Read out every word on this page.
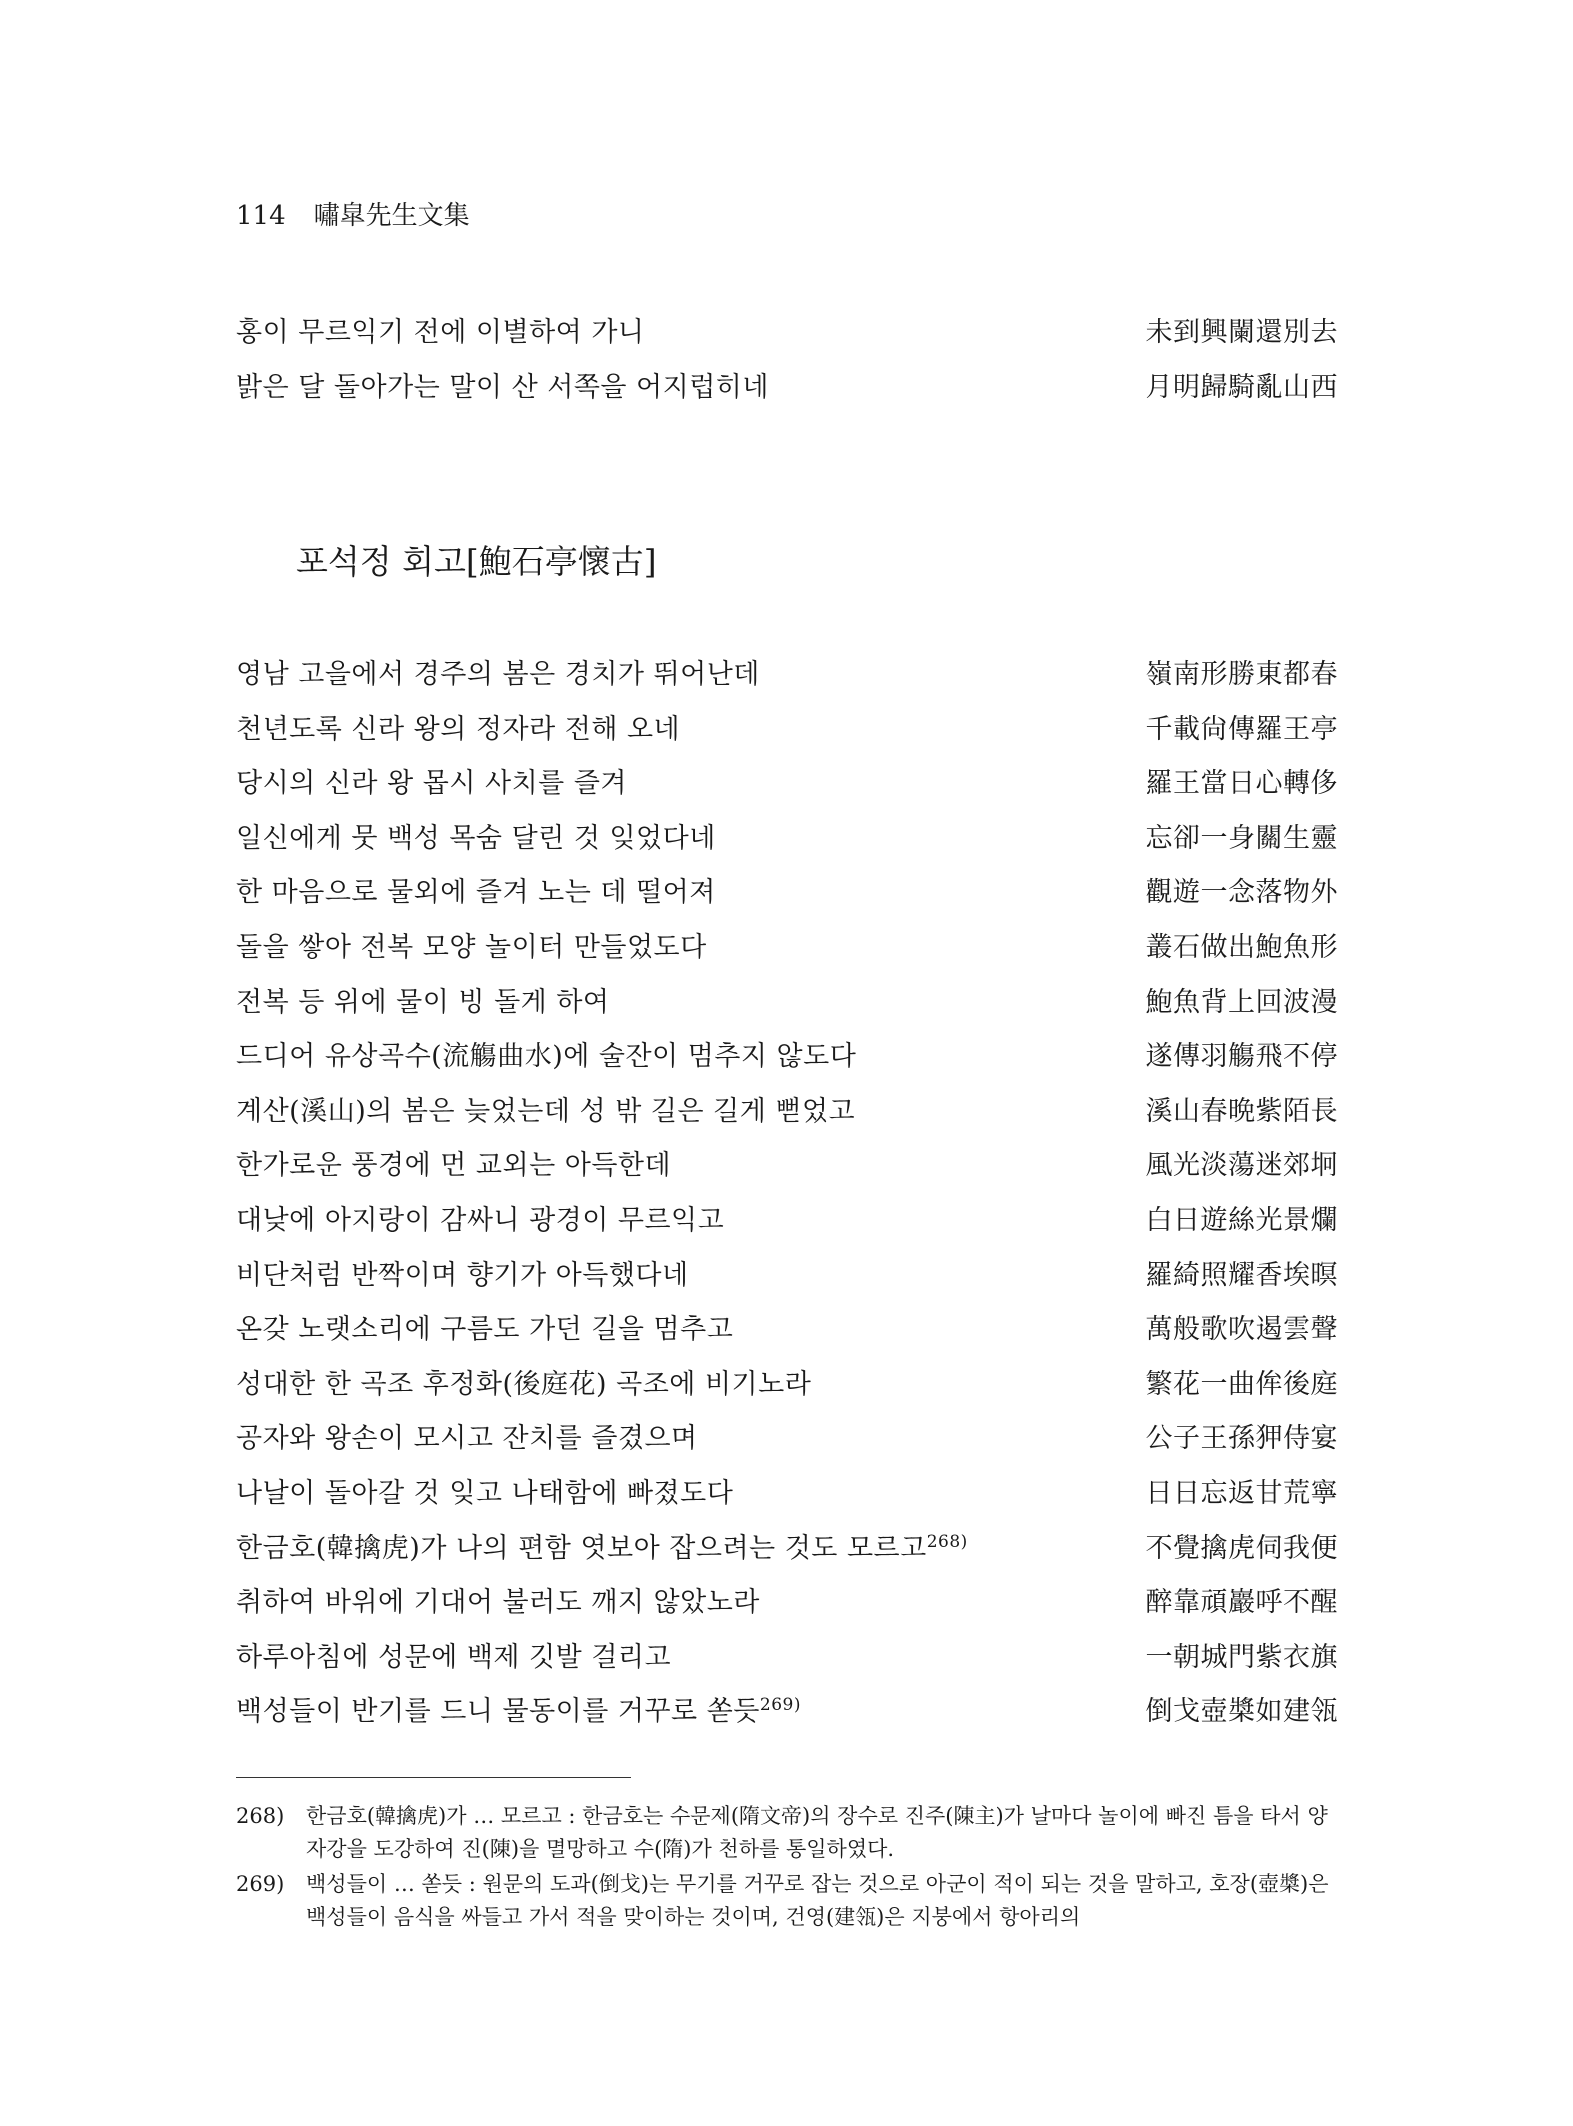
114 嘯皐先生文集
홍이 무르익기 전에 이별하여 가니	未到興闌還別去
밝은 달 돌아가는 말이 산 서쪽을 어지럽히네	月明歸騎亂山西
포석정 회고[鮑石亭懷古]
영남 고을에서 경주의 봄은 경치가 뛰어난데	嶺南形勝東都春
천년도록 신라 왕의 정자라 전해 오네	千載尙傳羅王亭
당시의 신라 왕 몹시 사치를 즐겨	羅王當日心轉侈
일신에게 뭇 백성 목숨 달린 것 잊었다네	忘卻一身關生靈
한 마음으로 물외에 즐겨 노는 데 떨어져	觀遊一念落物外
돌을 쌓아 전복 모양 놀이터 만들었도다	叢石做出鮑魚形
전복 등 위에 물이 빙 돌게 하여	鮑魚背上回波漫
드디어 유상곡수(流觴曲水)에 술잔이 멈추지 않도다	遂傳羽觴飛不停
계산(溪山)의 봄은 늦었는데 성 밖 길은 길게 뻗었고	溪山春晩紫陌長
한가로운 풍경에 먼 교외는 아득한데	風光淡蕩迷郊坰
대낮에 아지랑이 감싸니 광경이 무르익고	白日遊絲光景爛
비단처럼 반짝이며 향기가 아득했다네	羅綺照耀香埃暝
온갖 노랫소리에 구름도 가던 길을 멈추고	萬般歌吹遏雲聲
성대한 한 곡조 후정화(後庭花) 곡조에 비기노라	繁花一曲侔後庭
공자와 왕손이 모시고 잔치를 즐겼으며	公子王孫狎侍宴
나날이 돌아갈 것 잊고 나태함에 빠졌도다	日日忘返甘荒寧
한금호(韓擒虎)가 나의 편함 엿보아 잡으려는 것도 모르고$^{268)}$	不覺擒虎伺我便
취하여 바위에 기대어 불러도 깨지 않았노라	醉靠頑巖呼不醒
하루아침에 성문에 백제 깃발 걸리고	一朝城門紫衣旗
백성들이 반기를 드니 물동이를 거꾸로 쏟듯$^{269)}$	倒戈壺槳如建瓴
268) 한금호(韓擒虎)가 … 모르고 : 한금호는 수문제(隋文帝)의 장수로 진주(陳主)가 날마다 놀이에 빠진 틈을 타서 양자강을 도강하여 진(陳)을 멸망하고 수(隋)가 천하를 통일하였다.
269) 백성들이 … 쏟듯 : 원문의 도과(倒戈)는 무기를 거꾸로 잡는 것으로 아군이 적이 되는 것을 말하고, 호장(壺槳)은 백성들이 음식을 싸들고 가서 적을 맞이하는 것이며, 건영(建瓴)은 지붕에서 항아리의
